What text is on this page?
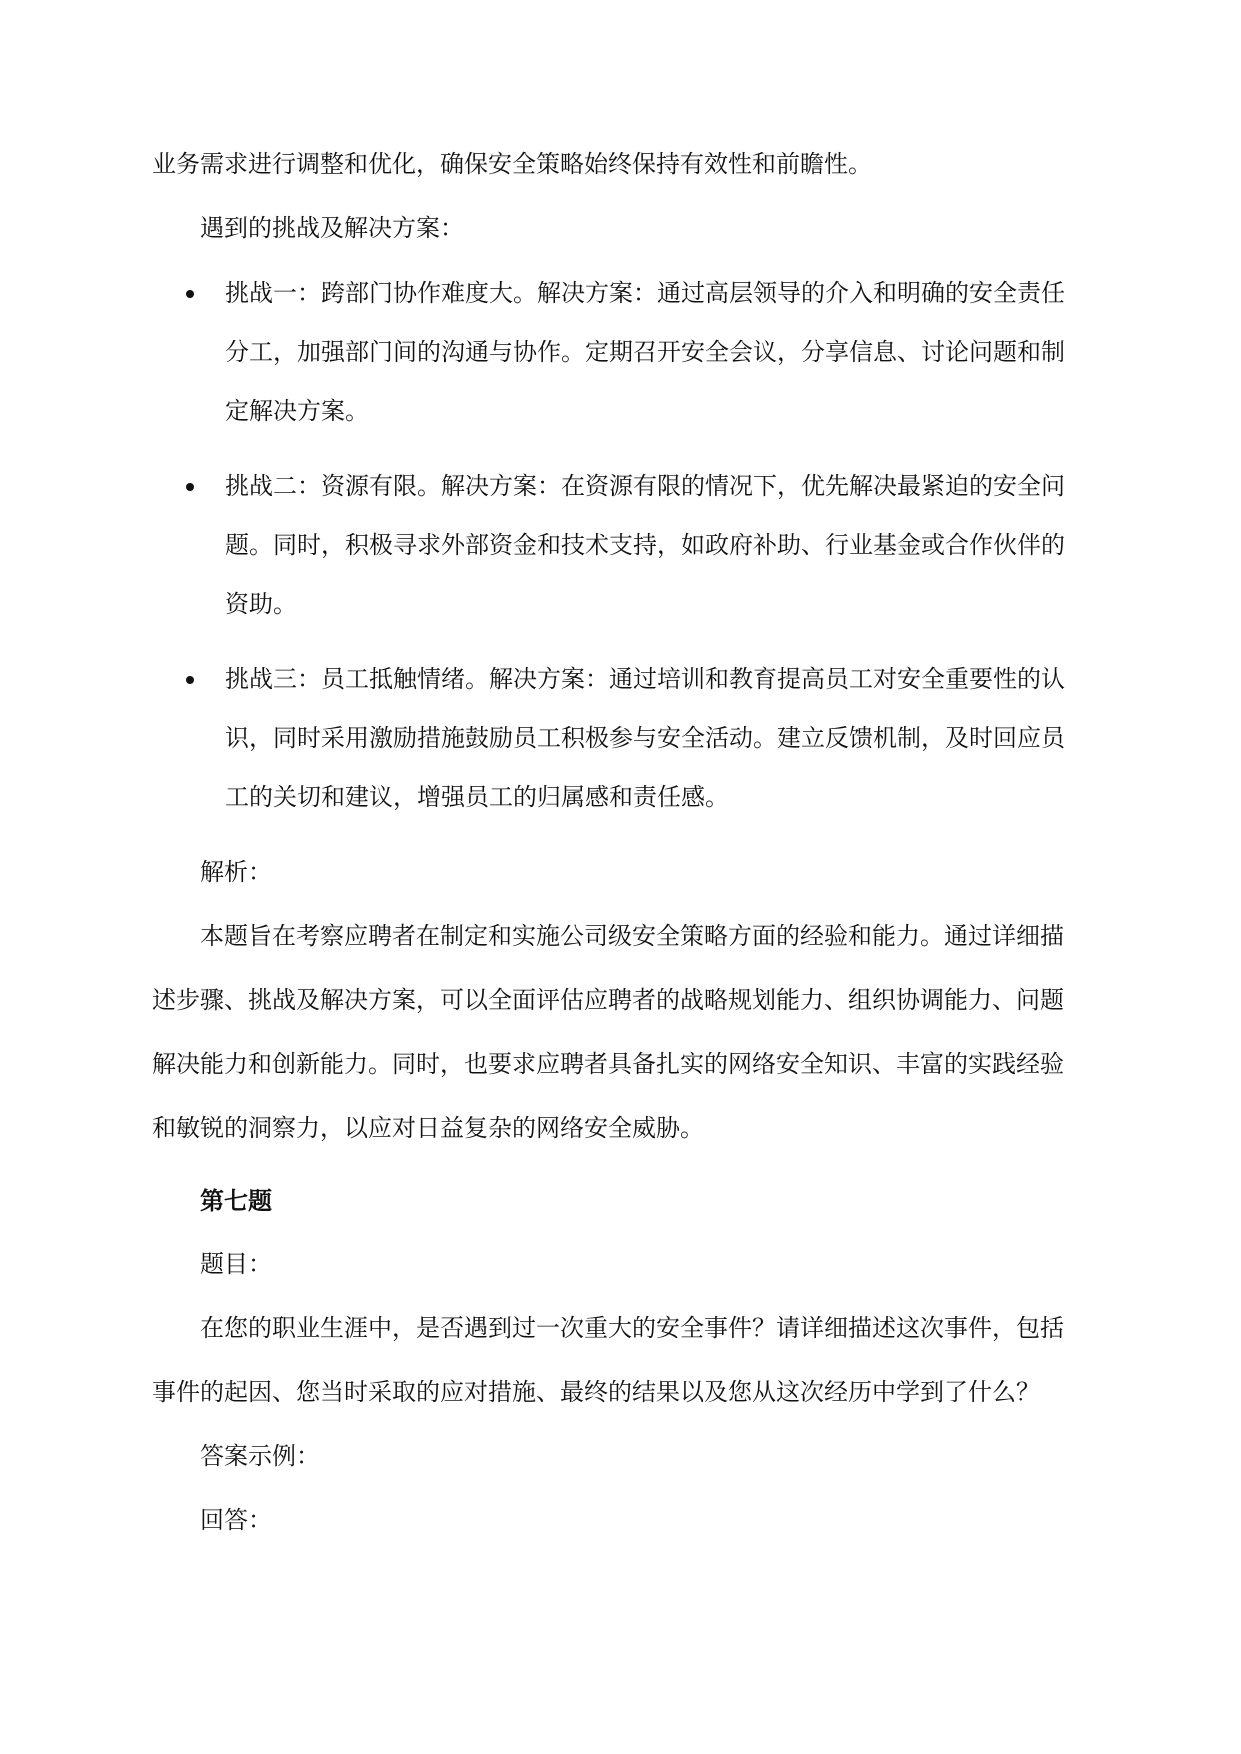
业务需求进行调整和优化，确保安全策略始终保持有效性和前瞻性。

遇到的挑战及解决方案：

挑战一：跨部门协作难度大。解决方案：通过高层领导的介入和明确的安全责任
分工，加强部门间的沟通与协作。定期召开安全会议，分享信息、讨论问题和制
定解决方案。
挑战二：资源有限。解决方案：在资源有限的情况下，优先解决最紧迫的安全问
题。同时，积极寻求外部资金和技术支持，如政府补助、行业基金或合作伙伴的
资助。
挑战三：员工抵触情绪。解决方案：通过培训和教育提高员工对安全重要性的认
识，同时采用激励措施鼓励员工积极参与安全活动。建立反馈机制，及时回应员
工的关切和建议，增强员工的归属感和责任感。

解析：

本题旨在考察应聘者在制定和实施公司级安全策略方面的经验和能力。通过详细描

述步骤、挑战及解决方案，可以全面评估应聘者的战略规划能力、组织协调能力、问题

解决能力和创新能力。同时，也要求应聘者具备扎实的网络安全知识、丰富的实践经验

和敏锐的洞察力，以应对日益复杂的网络安全威胁。

第七题

题目：

在您的职业生涯中，是否遇到过一次重大的安全事件？请详细描述这次事件，包括

事件的起因、您当时采取的应对措施、最终的结果以及您从这次经历中学到了什么？

答案示例：

回答：
